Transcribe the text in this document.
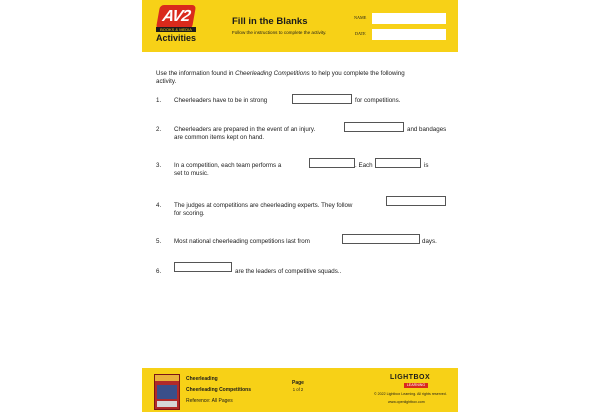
AV2
BOOKS & MEDIA
Activities
Fill in the Blanks
Follow the instructions to complete the activity.
NAME
DATE
Use the information found in Cheerleading Competitions to help you complete the following activity.
1. Cheerleaders have to be in strong	for competitions.
2. Cheerleaders are prepared in the event of an injury.	and bandages
are common items kept on hand.
3. In a competition, each team performs a	. Each	is
set to music.
4. The judges at competitions are cheerleading experts. They follow
for scoring.
5. Most national cheerleading competitions last from	days.
6.	are the leaders of competitive squads..
Cheerleading
Cheerleading Competitions
Reference: All Pages
Page
1 of 2
LIGHTBOX
LEARNING
© 2022 Lightbox Learning. All rights reserved.
www.openlightbox.com
